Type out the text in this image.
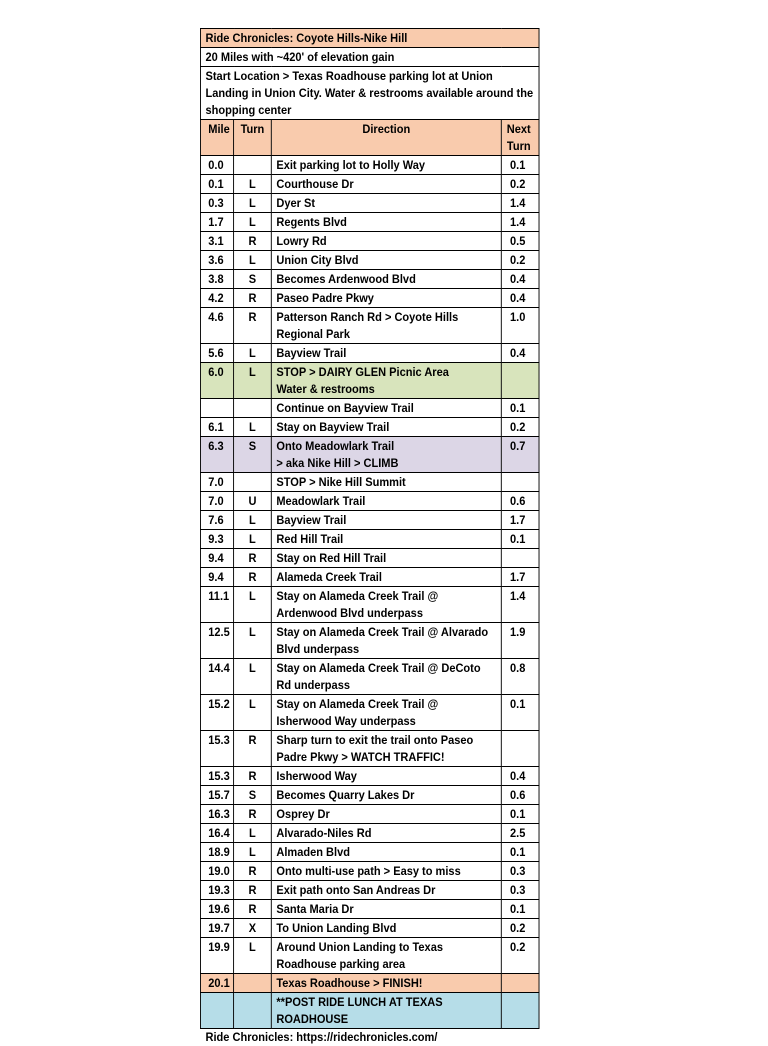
Ride Chronicles: Coyote Hills-Nike Hill			
20 Miles with ~420' of elevation gain			
Start Location > Texas Roadhouse parking lot at Union Landing in Union City. Water & restrooms available around the shopping center			
Mile	Turn	Direction	Next Turn
0.0		Exit parking lot to Holly Way	0.1
0.1	L	Courthouse Dr	0.2
0.3	L	Dyer St	1.4
1.7	L	Regents Blvd	1.4
3.1	R	Lowry Rd	0.5
3.6	L	Union City Blvd	0.2
3.8	S	Becomes Ardenwood Blvd	0.4
4.2	R	Paseo Padre Pkwy	0.4
4.6	R	Patterson Ranch Rd > Coyote Hills Regional Park	1.0
5.6	L	Bayview Trail	0.4
6.0	L	STOP > DAIRY GLEN Picnic Area
Water & restrooms	
		Continue on Bayview Trail	0.1
6.1	L	Stay on Bayview Trail	0.2
6.3	S	Onto Meadowlark Trail
> aka Nike Hill > CLIMB	0.7
7.0		STOP > Nike Hill Summit	
7.0	U	Meadowlark Trail	0.6
7.6	L	Bayview Trail	1.7
9.3	L	Red Hill Trail	0.1
9.4	R	Stay on Red Hill Trail	
9.4	R	Alameda Creek Trail	1.7
11.1	L	Stay on Alameda Creek Trail @ Ardenwood Blvd underpass	1.4
12.5	L	Stay on Alameda Creek Trail @ Alvarado Blvd underpass	1.9
14.4	L	Stay on Alameda Creek Trail @ DeCoto Rd underpass	0.8
15.2	L	Stay on Alameda Creek Trail @ Isherwood Way underpass	0.1
15.3	R	Sharp turn to exit the trail onto Paseo Padre Pkwy > WATCH TRAFFIC!	
15.3	R	Isherwood Way	0.4
15.7	S	Becomes Quarry Lakes Dr	0.6
16.3	R	Osprey Dr	0.1
16.4	L	Alvarado-Niles Rd	2.5
18.9	L	Almaden Blvd	0.1
19.0	R	Onto multi-use path > Easy to miss	0.3
19.3	R	Exit path onto San Andreas Dr	0.3
19.6	R	Santa Maria Dr	0.1
19.7	X	To Union Landing Blvd	0.2
19.9	L	Around Union Landing to Texas Roadhouse parking area	0.2
20.1		Texas Roadhouse > FINISH!	
		**POST RIDE LUNCH AT TEXAS ROADHOUSE	
Ride Chronicles: https://ridechronicles.com/
